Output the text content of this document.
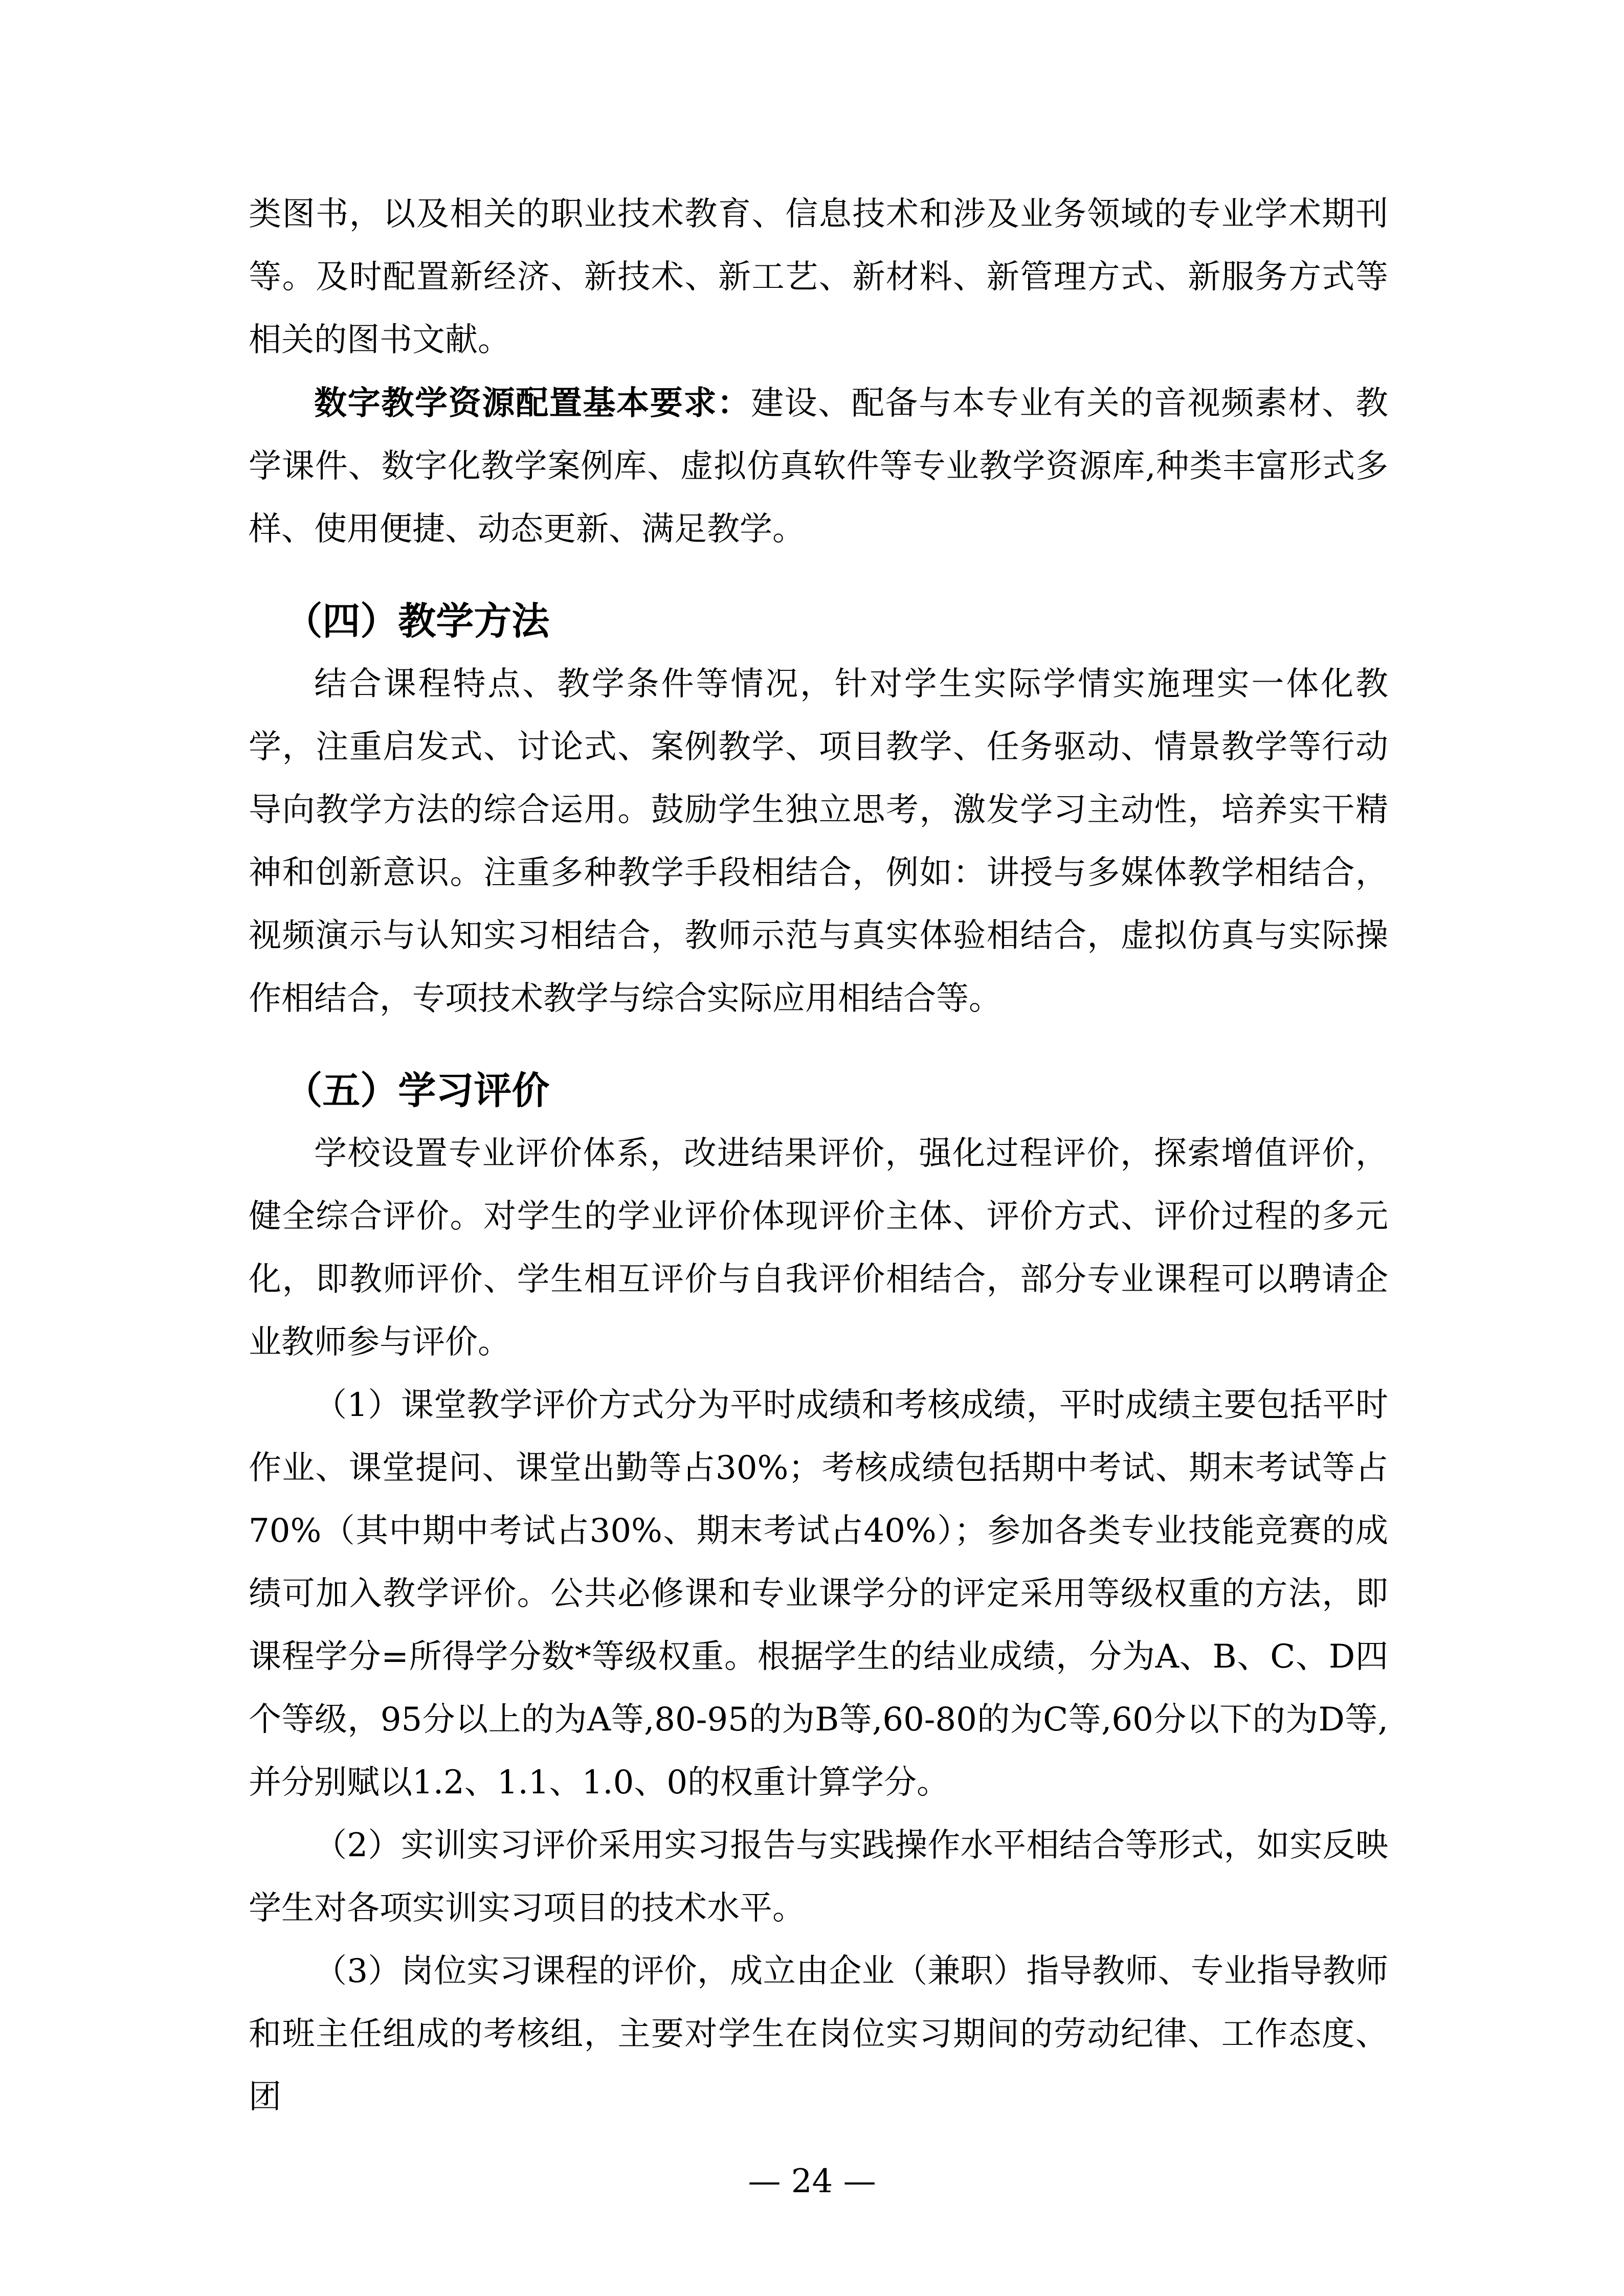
类图书，以及相关的职业技术教育、信息技术和涉及业务领域的专业学术期刊等。及时配置新经济、新技术、新工艺、新材料、新管理方式、新服务方式等相关的图书文献。

数字教学资源配置基本要求：建设、配备与本专业有关的音视频素材、教学课件、数字化教学案例库、虚拟仿真软件等专业教学资源库,种类丰富形式多样、使用便捷、动态更新、满足教学。

（四）教学方法

结合课程特点、教学条件等情况，针对学生实际学情实施理实一体化教学，注重启发式、讨论式、案例教学、项目教学、任务驱动、情景教学等行动导向教学方法的综合运用。鼓励学生独立思考，激发学习主动性，培养实干精神和创新意识。注重多种教学手段相结合，例如：讲授与多媒体教学相结合，视频演示与认知实习相结合，教师示范与真实体验相结合，虚拟仿真与实际操作相结合，专项技术教学与综合实际应用相结合等。

（五）学习评价

学校设置专业评价体系，改进结果评价，强化过程评价，探索增值评价，健全综合评价。对学生的学业评价体现评价主体、评价方式、评价过程的多元化，即教师评价、学生相互评价与自我评价相结合，部分专业课程可以聘请企业教师参与评价。

（1）课堂教学评价方式分为平时成绩和考核成绩，平时成绩主要包括平时作业、课堂提问、课堂出勤等占30%；考核成绩包括期中考试、期末考试等占70%（其中期中考试占30%、期末考试占40%）；参加各类专业技能竞赛的成绩可加入教学评价。公共必修课和专业课学分的评定采用等级权重的方法，即课程学分=所得学分数*等级权重。根据学生的结业成绩，分为A、B、C、D四个等级，95分以上的为A等,80-95的为B等,60-80的为C等,60分以下的为D等,并分别赋以1.2、1.1、1.0、0的权重计算学分。

（2）实训实习评价采用实习报告与实践操作水平相结合等形式，如实反映学生对各项实训实习项目的技术水平。

（3）岗位实习课程的评价，成立由企业（兼职）指导教师、专业指导教师和班主任组成的考核组，主要对学生在岗位实习期间的劳动纪律、工作态度、团

— 24 —
